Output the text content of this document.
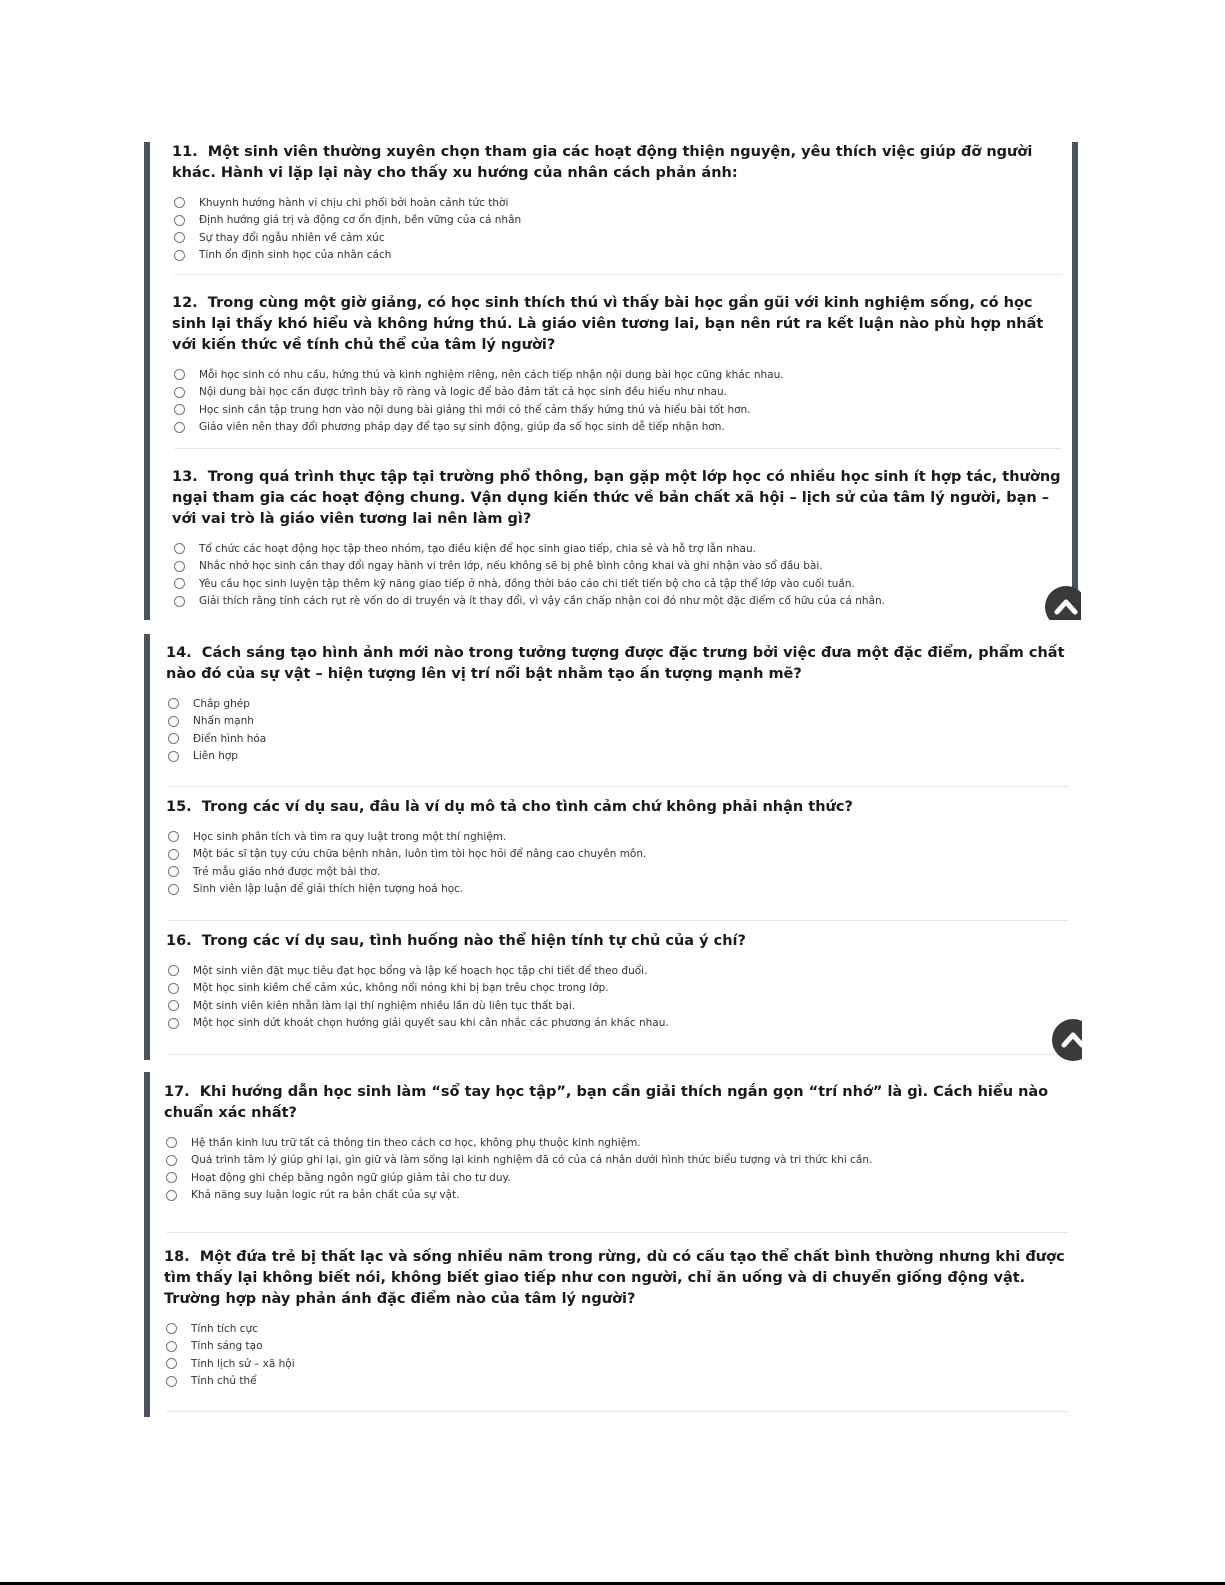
11. Một sinh viên thường xuyên chọn tham gia các hoạt động thiện nguyện, yêu thích việc giúp đỡ người khác. Hành vi lặp lại này cho thấy xu hướng của nhân cách phản ánh:
Khuynh hướng hành vi chịu chi phối bởi hoàn cảnh tức thời
Định hướng giá trị và động cơ ổn định, bền vững của cá nhân
Sự thay đổi ngẫu nhiên về cảm xúc
Tính ổn định sinh học của nhân cách
12. Trong cùng một giờ giảng, có học sinh thích thú vì thấy bài học gần gũi với kinh nghiệm sống, có học sinh lại thấy khó hiểu và không hứng thú. Là giáo viên tương lai, bạn nên rút ra kết luận nào phù hợp nhất với kiến thức về tính chủ thể của tâm lý người?
Mỗi học sinh có nhu cầu, hứng thú và kinh nghiệm riêng, nên cách tiếp nhận nội dung bài học cũng khác nhau.
Nội dung bài học cần được trình bày rõ ràng và logic để bảo đảm tất cả học sinh đều hiểu như nhau.
Học sinh cần tập trung hơn vào nội dung bài giảng thì mới có thể cảm thấy hứng thú và hiểu bài tốt hơn.
Giáo viên nên thay đổi phương pháp dạy để tạo sự sinh động, giúp đa số học sinh dễ tiếp nhận hơn.
13. Trong quá trình thực tập tại trường phổ thông, bạn gặp một lớp học có nhiều học sinh ít hợp tác, thường ngại tham gia các hoạt động chung. Vận dụng kiến thức về bản chất xã hội – lịch sử của tâm lý người, bạn – với vai trò là giáo viên tương lai nên làm gì?
Tổ chức các hoạt động học tập theo nhóm, tạo điều kiện để học sinh giao tiếp, chia sẻ và hỗ trợ lẫn nhau.
Nhắc nhở học sinh cần thay đổi ngay hành vi trên lớp, nếu không sẽ bị phê bình công khai và ghi nhận vào sổ đầu bài.
Yêu cầu học sinh luyện tập thêm kỹ năng giao tiếp ở nhà, đồng thời báo cáo chi tiết tiến bộ cho cả tập thể lớp vào cuối tuần.
Giải thích rằng tính cách rụt rè vốn do di truyền và ít thay đổi, vì vậy cần chấp nhận coi đó như một đặc điểm cố hữu của cá nhân.
14. Cách sáng tạo hình ảnh mới nào trong tưởng tượng được đặc trưng bởi việc đưa một đặc điểm, phẩm chất nào đó của sự vật – hiện tượng lên vị trí nổi bật nhằm tạo ấn tượng mạnh mẽ?
Chắp ghép
Nhấn mạnh
Điển hình hóa
Liên hợp
15. Trong các ví dụ sau, đâu là ví dụ mô tả cho tình cảm chứ không phải nhận thức?
Học sinh phân tích và tìm ra quy luật trong một thí nghiệm.
Một bác sĩ tận tụy cứu chữa bệnh nhân, luôn tìm tòi học hỏi để nâng cao chuyên môn.
Trẻ mẫu giáo nhớ được một bài thơ.
Sinh viên lập luận để giải thích hiện tượng hoá học.
16. Trong các ví dụ sau, tình huống nào thể hiện tính tự chủ của ý chí?
Một sinh viên đặt mục tiêu đạt học bổng và lập kế hoạch học tập chi tiết để theo đuổi.
Một học sinh kiềm chế cảm xúc, không nổi nóng khi bị bạn trêu chọc trong lớp.
Một sinh viên kiên nhẫn làm lại thí nghiệm nhiều lần dù liên tục thất bại.
Một học sinh dứt khoát chọn hướng giải quyết sau khi cân nhắc các phương án khác nhau.
17. Khi hướng dẫn học sinh làm “sổ tay học tập”, bạn cần giải thích ngắn gọn “trí nhớ” là gì. Cách hiểu nào chuẩn xác nhất?
Hệ thần kinh lưu trữ tất cả thông tin theo cách cơ học, không phụ thuộc kinh nghiệm.
Quá trình tâm lý giúp ghi lại, gìn giữ và làm sống lại kinh nghiệm đã có của cá nhân dưới hình thức biểu tượng và tri thức khi cần.
Hoạt động ghi chép bằng ngôn ngữ giúp giảm tải cho tư duy.
Khả năng suy luận logic rút ra bản chất của sự vật.
18. Một đứa trẻ bị thất lạc và sống nhiều năm trong rừng, dù có cấu tạo thể chất bình thường nhưng khi được tìm thấy lại không biết nói, không biết giao tiếp như con người, chỉ ăn uống và di chuyển giống động vật. Trường hợp này phản ánh đặc điểm nào của tâm lý người?
Tính tích cực
Tính sáng tạo
Tính lịch sử – xã hội
Tính chủ thể
